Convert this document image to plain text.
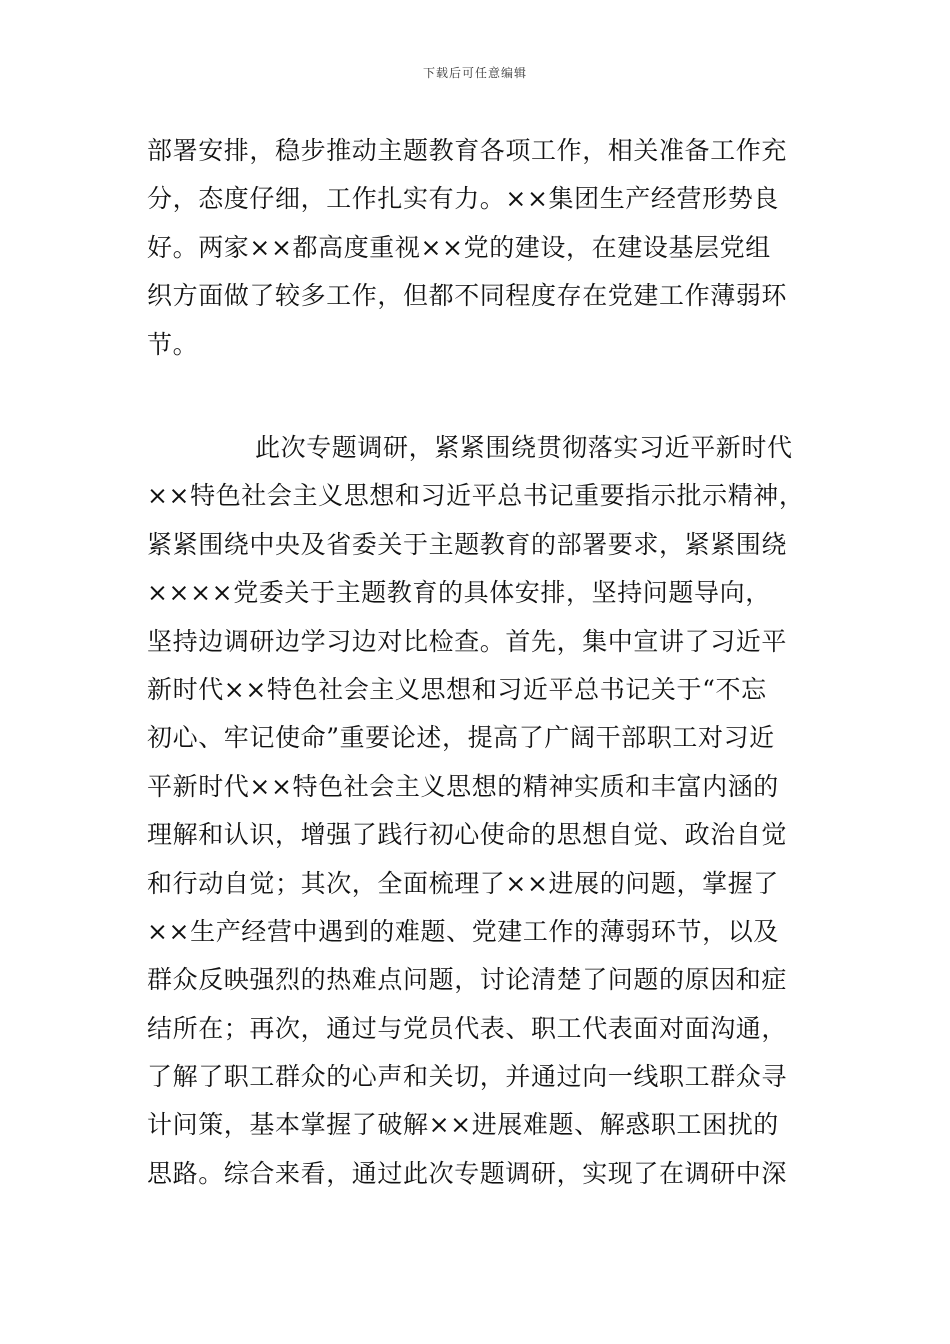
下载后可任意编辑
部署安排，稳步推动主题教育各项工作，相关准备工作充
分，态度仔细，工作扎实有力。××集团生产经营形势良
好。两家××都高度重视××党的建设，在建设基层党组
织方面做了较多工作，但都不同程度存在党建工作薄弱环
节。
此次专题调研，紧紧围绕贯彻落实习近平新时代
××特色社会主义思想和习近平总书记重要指示批示精神，
紧紧围绕中央及省委关于主题教育的部署要求，紧紧围绕
××××党委关于主题教育的具体安排，坚持问题导向，
坚持边调研边学习边对比检查。首先，集中宣讲了习近平
新时代××特色社会主义思想和习近平总书记关于“不忘
初心、牢记使命”重要论述，提高了广阔干部职工对习近
平新时代××特色社会主义思想的精神实质和丰富内涵的
理解和认识，增强了践行初心使命的思想自觉、政治自觉
和行动自觉；其次，全面梳理了××进展的问题，掌握了
××生产经营中遇到的难题、党建工作的薄弱环节，以及
群众反映强烈的热难点问题，讨论清楚了问题的原因和症
结所在；再次，通过与党员代表、职工代表面对面沟通，
了解了职工群众的心声和关切，并通过向一线职工群众寻
计问策，基本掌握了破解××进展难题、解惑职工困扰的
思路。综合来看，通过此次专题调研，实现了在调研中深
